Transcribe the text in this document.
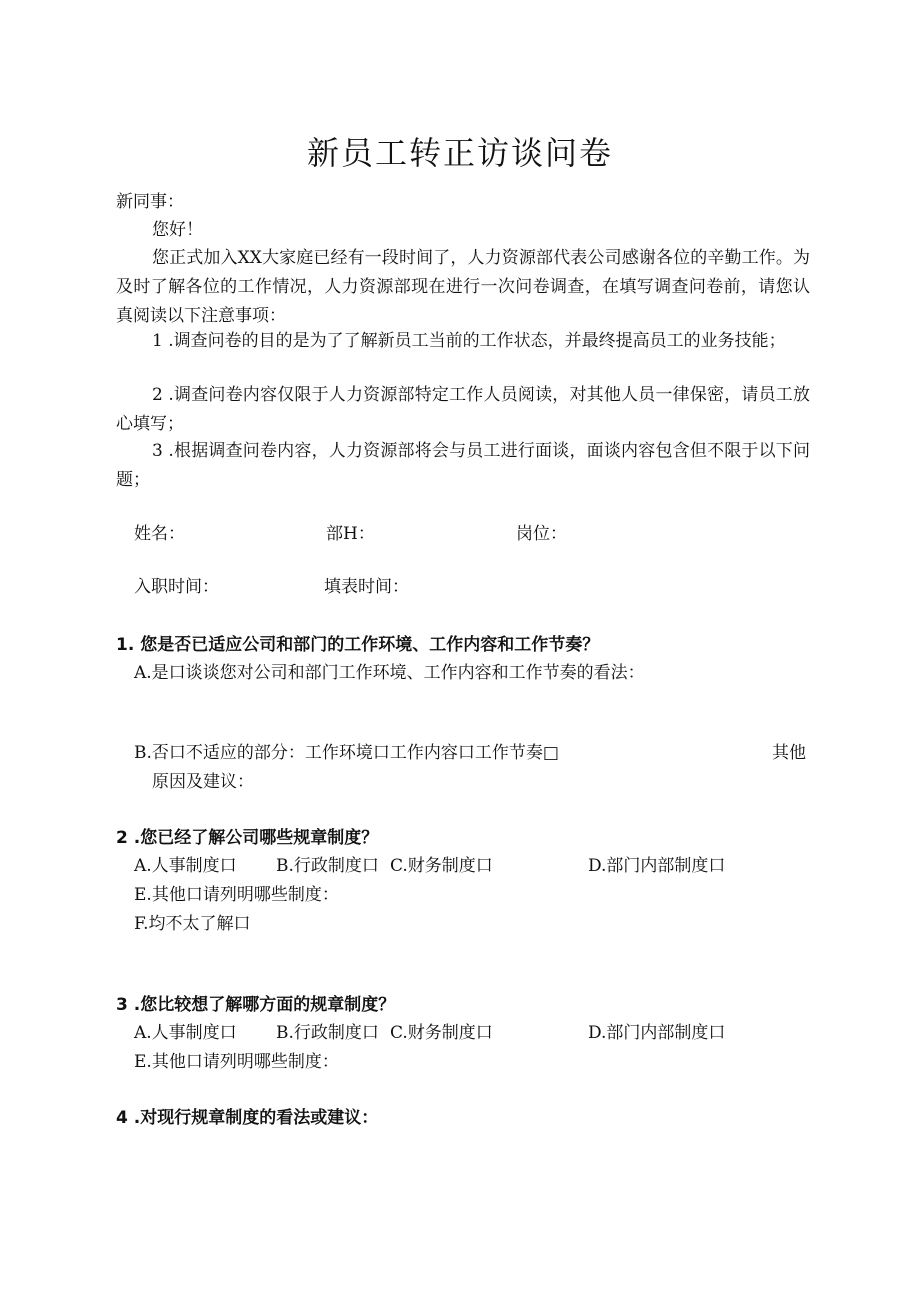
新员工转正访谈问卷
新同事：
您好！
您正式加入XX大家庭已经有一段时间了，人力资源部代表公司感谢各位的辛勤工作。为及时了解各位的工作情况，人力资源部现在进行一次问卷调查，在填写调查问卷前，请您认真阅读以下注意事项：
1 .调查问卷的目的是为了了解新员工当前的工作状态，并最终提高员工的业务技能；
2 .调查问卷内容仅限于人力资源部特定工作人员阅读，对其他人员一律保密，请员工放心填写；
3 .根据调查问卷内容，人力资源部将会与员工进行面谈，面谈内容包含但不限于以下问题；
姓名：	部H：	岗位：
入职时间：	填表时间：
1. 您是否已适应公司和部门的工作环境、工作内容和工作节奏？
A.是口谈谈您对公司和部门工作环境、工作内容和工作节奏的看法：
B.否口不适应的部分：工作环境口工作内容口工作节奏□	其他
原因及建议：
2 .您已经了解公司哪些规章制度？
A.人事制度口 B.行政制度口 C.财务制度口	D.部门内部制度口
E.其他口请列明哪些制度：
F.均不太了解口
3 .您比较想了解哪方面的规章制度？
A.人事制度口 B.行政制度口 C.财务制度口	D.部门内部制度口
E.其他口请列明哪些制度：
4 .对现行规章制度的看法或建议：
